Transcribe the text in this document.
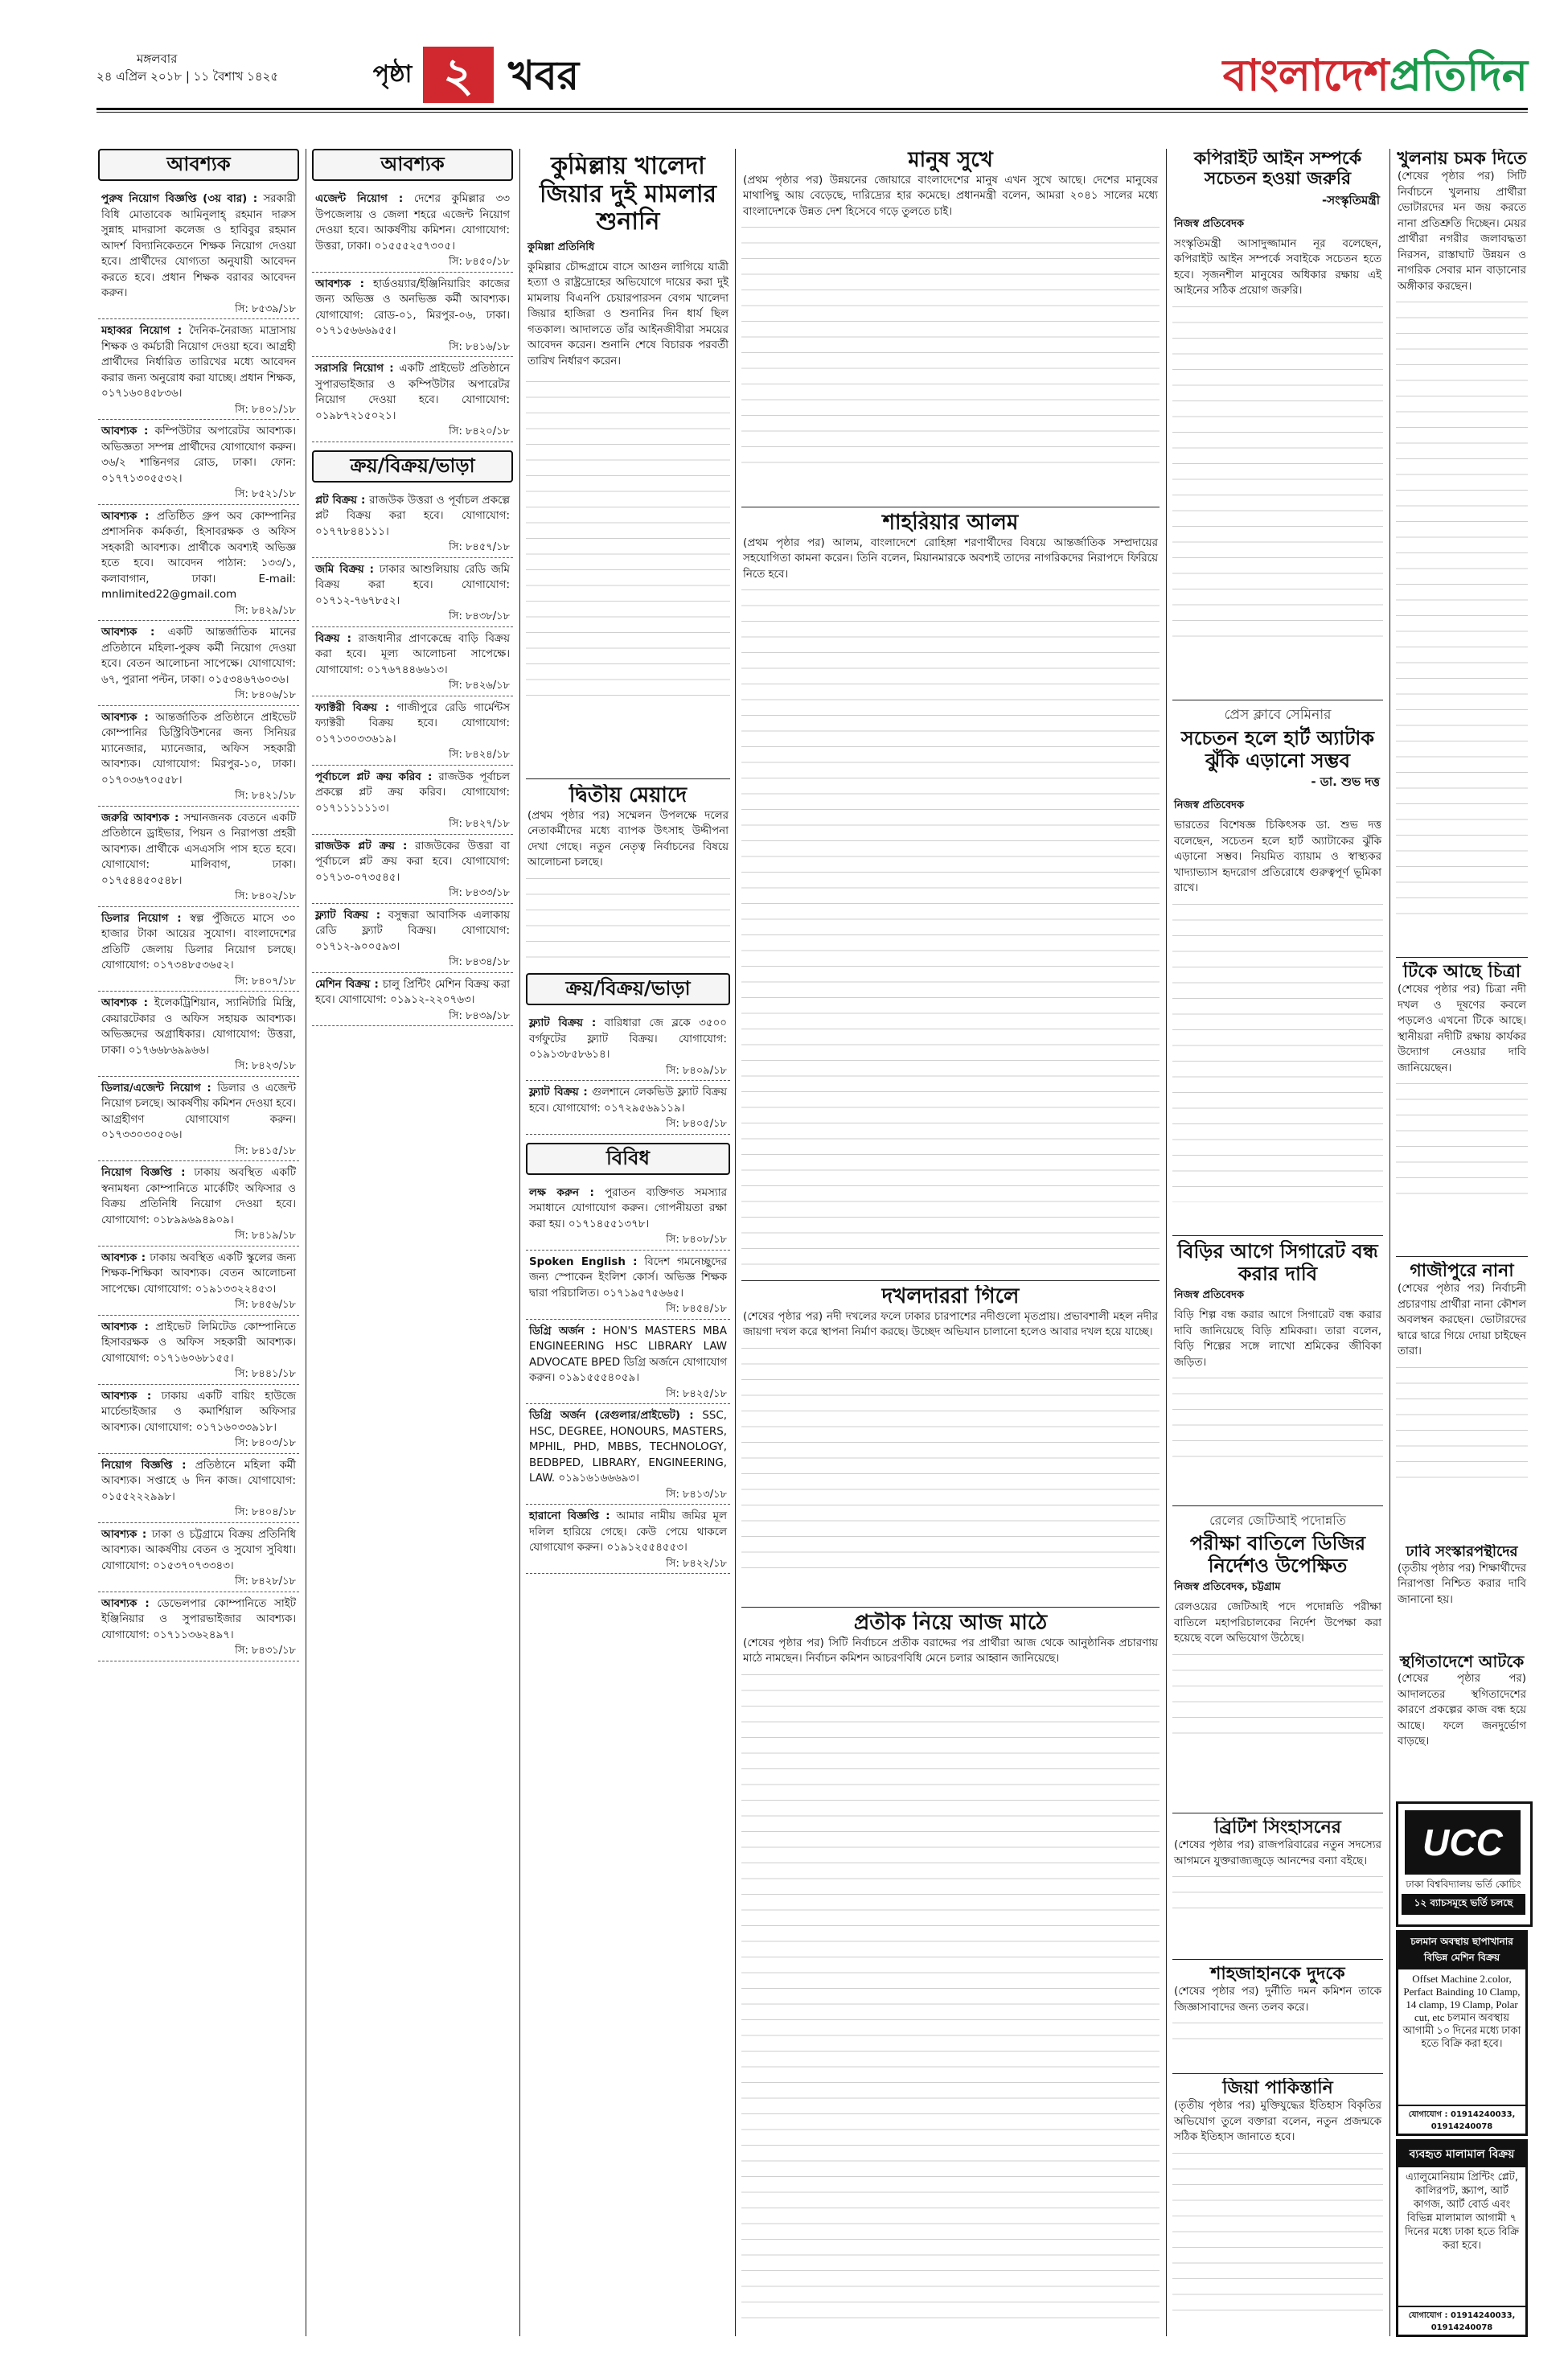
মঙ্গলবার
২৪ এপ্রিল ২০১৮ | ১১ বৈশাখ ১৪২৫	পৃষ্ঠা ২ খবর	বাংলাদেশপ্রতিদিন
আবশ্যক
পুরুষ নিয়োগ বিজ্ঞপ্তি (৩য় বার) : সরকারী বিধি মোতাবেক আমিনুলাহ্ রহমান দারুস সুন্নাহ মাদরাসা কলেজ ও হাবিবুর রহমান আদর্শ বিদ্যানিকেতনে শিক্ষক নিয়োগ দেওয়া হবে। প্রার্থীদের যোগ্যতা অনুযায়ী আবেদন করতে হবে। প্রধান শিক্ষক বরাবর আবেদন করুন।
সি: ৮৫৩৯/১৮
মহাব্বর নিয়োগ : দৈনিক-নৈরাজ্য মাদ্রাসায় শিক্ষক ও কর্মচারী নিয়োগ দেওয়া হবে। আগ্রহী প্রার্থীদের নির্ধারিত তারিখের মধ্যে আবেদন করার জন্য অনুরোধ করা যাচ্ছে। প্রধান শিক্ষক, ০১৭১৬০৪৫৮৩৬।
সি: ৮৪০১/১৮
আবশ্যক : কম্পিউটার অপারেটর আবশ্যক। অভিজ্ঞতা সম্পন্ন প্রার্থীদের যোগাযোগ করুন। ৩৬/২ শান্তিনগর রোড, ঢাকা। ফোন: ০১৭৭১৩০৫৫৩২।
সি: ৮৫২১/১৮
আবশ্যক : প্রতিষ্ঠিত গ্রুপ অব কোম্পানির প্রশাসনিক কর্মকর্তা, হিসাবরক্ষক ও অফিস সহকারী আবশ্যক। প্রার্থীকে অবশ্যই অভিজ্ঞ হতে হবে। আবেদন পাঠান: ১৩৩/১, কলাবাগান, ঢাকা। E-mail: mnlimited22@gmail.com
সি: ৮৪২৯/১৮
আবশ্যক : একটি আন্তর্জাতিক মানের প্রতিষ্ঠানে মহিলা-পুরুষ কর্মী নিয়োগ দেওয়া হবে। বেতন আলোচনা সাপেক্ষে। যোগাযোগ: ৬৭, পুরানা পল্টন, ঢাকা। ০১৫৩৪৬৭৬০৩৬।
সি: ৮৪০৬/১৮
আবশ্যক : আন্তর্জাতিক প্রতিষ্ঠানে প্রাইভেট কোম্পানির ডিস্ট্রিবিউশনের জন্য সিনিয়র ম্যানেজার, ম্যানেজার, অফিস সহকারী আবশ্যক। যোগাযোগ: মিরপুর-১০, ঢাকা। ০১৭০৩৬৭০৫৫৮।
সি: ৮৪২১/১৮
জরুরি আবশ্যক : সম্মানজনক বেতনে একটি প্রতিষ্ঠানে ড্রাইভার, পিয়ন ও নিরাপত্তা প্রহরী আবশ্যক। প্রার্থীকে এসএসসি পাস হতে হবে। যোগাযোগ: মালিবাগ, ঢাকা। ০১৭৫৪৪৫০৫৪৮।
সি: ৮৪০২/১৮
ডিলার নিয়োগ : স্বল্প পুঁজিতে মাসে ৩০ হাজার টাকা আয়ের সুযোগ। বাংলাদেশের প্রতিটি জেলায় ডিলার নিয়োগ চলছে। যোগাযোগ: ০১৭৩৪৮৫৩৬৫২।
সি: ৮৪০৭/১৮
আবশ্যক : ইলেকট্রিশিয়ান, স্যানিটারি মিস্ত্রি, কেয়ারটেকার ও অফিস সহায়ক আবশ্যক। অভিজ্ঞদের অগ্রাধিকার। যোগাযোগ: উত্তরা, ঢাকা। ০১৭৬৬৮৬৯৯৬৬।
সি: ৮৪২৩/১৮
ডিলার/এজেন্ট নিয়োগ : ডিলার ও এজেন্ট নিয়োগ চলছে। আকর্ষণীয় কমিশন দেওয়া হবে। আগ্রহীগণ যোগাযোগ করুন। ০১৭৩৩০৩০৫০৬।
সি: ৮৪১৫/১৮
নিয়োগ বিজ্ঞপ্তি : ঢাকায় অবস্থিত একটি স্বনামধন্য কোম্পানিতে মার্কেটিং অফিসার ও বিক্রয় প্রতিনিধি নিয়োগ দেওয়া হবে। যোগাযোগ: ০১৮৯৯৬৯৪৯০৯।
সি: ৮৪১৯/১৮
আবশ্যক : ঢাকায় অবস্থিত একটি স্কুলের জন্য শিক্ষক-শিক্ষিকা আবশ্যক। বেতন আলোচনা সাপেক্ষে। যোগাযোগ: ০১৯১৩৩২২৪৫৩।
সি: ৮৪৫৬/১৮
আবশ্যক : প্রাইভেট লিমিটেড কোম্পানিতে হিসাবরক্ষক ও অফিস সহকারী আবশ্যক। যোগাযোগ: ০১৭১৬০৬৮১৫৫।
সি: ৮৪৪১/১৮
আবশ্যক : ঢাকায় একটি বায়িং হাউজে মার্চেন্ডাইজার ও কমার্শিয়াল অফিসার আবশ্যক। যোগাযোগ: ০১৭১৬০৩৩৯১৮।
সি: ৮৪০৩/১৮
নিয়োগ বিজ্ঞপ্তি : প্রতিষ্ঠানে মহিলা কর্মী আবশ্যক। সপ্তাহে ৬ দিন কাজ। যোগাযোগ: ০১৫৫২২২৯৯৮।
সি: ৮৪০৪/১৮
আবশ্যক : ঢাকা ও চট্টগ্রামে বিক্রয় প্রতিনিধি আবশ্যক। আকর্ষণীয় বেতন ও সুযোগ সুবিধা। যোগাযোগ: ০১৫৩৭০৭৩৩৪৩।
সি: ৮৪২৮/১৮
আবশ্যক : ডেভেলপার কোম্পানিতে সাইট ইঞ্জিনিয়ার ও সুপারভাইজার আবশ্যক। যোগাযোগ: ০১৭১১৩৬২৪৯৭।
সি: ৮৪৩১/১৮
আবশ্যক
এজেন্ট নিয়োগ : দেশের কুমিল্লার ৩৩ উপজেলায় ও জেলা শহরে এজেন্ট নিয়োগ দেওয়া হবে। আকর্ষণীয় কমিশন। যোগাযোগ: উত্তরা, ঢাকা। ০১৫৫৫২৫৭৩০৫।
সি: ৮৪৫০/১৮
আবশ্যক : হার্ডওয়্যার/ইঞ্জিনিয়ারিং কাজের জন্য অভিজ্ঞ ও অনভিজ্ঞ কর্মী আবশ্যক। যোগাযোগ: রোড-০১, মিরপুর-০৬, ঢাকা। ০১৭১৫৬৬৬৯৫৫।
সি: ৮৪১৬/১৮
সরাসরি নিয়োগ : একটি প্রাইভেট প্রতিষ্ঠানে সুপারভাইজার ও কম্পিউটার অপারেটর নিয়োগ দেওয়া হবে। যোগাযোগ: ০১৯৮৭২১৫০২১।
সি: ৮৪২০/১৮
ক্রয়/বিক্রয়/ভাড়া
প্লট বিক্রয় : রাজউক উত্তরা ও পূর্বাচল প্রকল্পে প্লট বিক্রয় করা হবে। যোগাযোগ: ০১৭৭৮৪৪১১১।
সি: ৮৪৫৭/১৮
জমি বিক্রয় : ঢাকার আশুলিয়ায় রেডি জমি বিক্রয় করা হবে। যোগাযোগ: ০১৭১২-৭৬৭৮৫২।
সি: ৮৪৩৮/১৮
বিক্রয় : রাজধানীর প্রাণকেন্দ্রে বাড়ি বিক্রয় করা হবে। মূল্য আলোচনা সাপেক্ষে। যোগাযোগ: ০১৭৬৭৪৪৬৬১৩।
সি: ৮৪২৬/১৮
ফ্যাক্টরী বিক্রয় : গাজীপুরে রেডি গার্মেন্টস ফ্যাক্টরী বিক্রয় হবে। যোগাযোগ: ০১৭১৩০৩৩৬১৯।
সি: ৮৪২৪/১৮
পূর্বাচলে প্লট ক্রয় করিব : রাজউক পূর্বাচল প্রকল্পে প্লট ক্রয় করিব। যোগাযোগ: ০১৭১১১১১১৩।
সি: ৮৪২৭/১৮
রাজউক প্লট ক্রয় : রাজউকের উত্তরা বা পূর্বাচলে প্লট ক্রয় করা হবে। যোগাযোগ: ০১৭১৩-০৭৩৫৪৫।
সি: ৮৪৩৩/১৮
ফ্ল্যাট বিক্রয় : বসুন্ধরা আবাসিক এলাকায় রেডি ফ্ল্যাট বিক্রয়। যোগাযোগ: ০১৭১২-৯০০৫৯৩।
সি: ৮৪৩৪/১৮
মেশিন বিক্রয় : চালু প্রিন্টিং মেশিন বিক্রয় করা হবে। যোগাযোগ: ০১৯১২-২২০৭৬৩।
সি: ৮৪৩৯/১৮
কুমিল্লায় খালেদা জিয়ার দুই মামলার শুনানি
কুমিল্লা প্রতিনিধি
কুমিল্লার চৌদ্দগ্রামে বাসে আগুন লাগিয়ে যাত্রী হত্যা ও রাষ্ট্রদ্রোহের অভিযোগে দায়ের করা দুই মামলায় বিএনপি চেয়ারপারসন বেগম খালেদা জিয়ার হাজিরা ও শুনানির দিন ধার্য ছিল গতকাল। আদালতে তাঁর আইনজীবীরা সময়ের আবেদন করেন। শুনানি শেষে বিচারক পরবর্তী তারিখ নির্ধারণ করেন।
দ্বিতীয় মেয়াদে
(প্রথম পৃষ্ঠার পর) সম্মেলন উপলক্ষে দলের নেতাকর্মীদের মধ্যে ব্যাপক উৎসাহ উদ্দীপনা দেখা গেছে। নতুন নেতৃত্ব নির্বাচনের বিষয়ে আলোচনা চলছে।
ক্রয়/বিক্রয়/ভাড়া
ফ্ল্যাট বিক্রয় : বারিধারা জে ব্লকে ৩৫০০ বর্গফুটের ফ্ল্যাট বিক্রয়। যোগাযোগ: ০১৯১৩৮৫৮৬১৪।
সি: ৮৪০৯/১৮
ফ্ল্যাট বিক্রয় : গুলশানে লেকভিউ ফ্ল্যাট বিক্রয় হবে। যোগাযোগ: ০১৭২৯৫৬৯১১৯।
সি: ৮৪০৫/১৮
বিবিধ
লক্ষ করুন : পুরাতন ব্যক্তিগত সমস্যার সমাধানে যোগাযোগ করুন। গোপনীয়তা রক্ষা করা হয়। ০১৭১৪৫৫১৩৭৮।
সি: ৮৪০৮/১৮
Spoken English : বিদেশ গমনেচ্ছুদের জন্য স্পোকেন ইংলিশ কোর্স। অভিজ্ঞ শিক্ষক দ্বারা পরিচালিত। ০১৭১৯৫৭৫৬৬৫।
সি: ৮৪৫৪/১৮
ডিগ্রি অর্জন : HON'S MASTERS MBA ENGINEERING HSC LIBRARY LAW ADVOCATE BPED ডিগ্রি অর্জনে যোগাযোগ করুন। ০১৯১৫৫৫৪০৫৯।
সি: ৮৪২৫/১৮
ডিগ্রি অর্জন (রেগুলার/প্রাইভেট) : SSC, HSC, DEGREE, HONOURS, MASTERS, MPHIL, PHD, MBBS, TECHNOLOGY, BEDBPED, LIBRARY, ENGINEERING, LAW. ০১৯১৬১৬৬৬৯৩।
সি: ৮৪১৩/১৮
হারানো বিজ্ঞপ্তি : আমার নামীয় জমির মূল দলিল হারিয়ে গেছে। কেউ পেয়ে থাকলে যোগাযোগ করুন। ০১৯১২৫৫৪৫৫৩।
সি: ৮৪২২/১৮
মানুষ সুখে
(প্রথম পৃষ্ঠার পর) উন্নয়নের জোয়ারে বাংলাদেশের মানুষ এখন সুখে আছে। দেশের মানুষের মাথাপিছু আয় বেড়েছে, দারিদ্র্যের হার কমেছে। প্রধানমন্ত্রী বলেন, আমরা ২০৪১ সালের মধ্যে বাংলাদেশকে উন্নত দেশ হিসেবে গড়ে তুলতে চাই।
শাহরিয়ার আলম
(প্রথম পৃষ্ঠার পর) আলম, বাংলাদেশে রোহিঙ্গা শরণার্থীদের বিষয়ে আন্তর্জাতিক সম্প্রদায়ের সহযোগিতা কামনা করেন। তিনি বলেন, মিয়ানমারকে অবশ্যই তাদের নাগরিকদের নিরাপদে ফিরিয়ে নিতে হবে।
দখলদাররা গিলে
(শেষের পৃষ্ঠার পর) নদী দখলের ফলে ঢাকার চারপাশের নদীগুলো মৃতপ্রায়। প্রভাবশালী মহল নদীর জায়গা দখল করে স্থাপনা নির্মাণ করছে। উচ্ছেদ অভিযান চালানো হলেও আবার দখল হয়ে যাচ্ছে।
প্রতীক নিয়ে আজ মাঠে
(শেষের পৃষ্ঠার পর) সিটি নির্বাচনে প্রতীক বরাদ্দের পর প্রার্থীরা আজ থেকে আনুষ্ঠানিক প্রচারণায় মাঠে নামছেন। নির্বাচন কমিশন আচরণবিধি মেনে চলার আহ্বান জানিয়েছে।
কপিরাইট আইন সম্পর্কে সচেতন হওয়া জরুরি
-সংস্কৃতিমন্ত্রী
নিজস্ব প্রতিবেদক
সংস্কৃতিমন্ত্রী আসাদুজ্জামান নূর বলেছেন, কপিরাইট আইন সম্পর্কে সবাইকে সচেতন হতে হবে। সৃজনশীল মানুষের অধিকার রক্ষায় এই আইনের সঠিক প্রয়োগ জরুরি।
প্রেস ক্লাবে সেমিনার
সচেতন হলে হার্ট অ্যাটাক ঝুঁকি এড়ানো সম্ভব
- ডা. শুভ দত্ত
নিজস্ব প্রতিবেদক
ভারতের বিশেষজ্ঞ চিকিৎসক ডা. শুভ দত্ত বলেছেন, সচেতন হলে হার্ট অ্যাটাকের ঝুঁকি এড়ানো সম্ভব। নিয়মিত ব্যায়াম ও স্বাস্থ্যকর খাদ্যাভ্যাস হৃদরোগ প্রতিরোধে গুরুত্বপূর্ণ ভূমিকা রাখে।
বিড়ির আগে সিগারেট বন্ধ করার দাবি
নিজস্ব প্রতিবেদক
বিড়ি শিল্প বন্ধ করার আগে সিগারেট বন্ধ করার দাবি জানিয়েছে বিড়ি শ্রমিকরা। তারা বলেন, বিড়ি শিল্পের সঙ্গে লাখো শ্রমিকের জীবিকা জড়িত।
রেলের জেটিআই পদোন্নতি
পরীক্ষা বাতিলে ডিজির নির্দেশও উপেক্ষিত
নিজস্ব প্রতিবেদক, চট্টগ্রাম
রেলওয়ের জেটিআই পদে পদোন্নতি পরীক্ষা বাতিলে মহাপরিচালকের নির্দেশ উপেক্ষা করা হয়েছে বলে অভিযোগ উঠেছে।
ব্রিটিশ সিংহাসনের
(শেষের পৃষ্ঠার পর) রাজপরিবারের নতুন সদস্যের আগমনে যুক্তরাজ্যজুড়ে আনন্দের বন্যা বইছে।
শাহজাহানকে দুদকে
(শেষের পৃষ্ঠার পর) দুর্নীতি দমন কমিশন তাকে জিজ্ঞাসাবাদের জন্য তলব করে।
জিয়া পাকিস্তানি
(তৃতীয় পৃষ্ঠার পর) মুক্তিযুদ্ধের ইতিহাস বিকৃতির অভিযোগ তুলে বক্তারা বলেন, নতুন প্রজন্মকে সঠিক ইতিহাস জানাতে হবে।
খুলনায় চমক দিতে
(শেষের পৃষ্ঠার পর) সিটি নির্বাচনে খুলনায় প্রার্থীরা ভোটারদের মন জয় করতে নানা প্রতিশ্রুতি দিচ্ছেন। মেয়র প্রার্থীরা নগরীর জলাবদ্ধতা নিরসন, রাস্তাঘাট উন্নয়ন ও নাগরিক সেবার মান বাড়ানোর অঙ্গীকার করছেন।
টিকে আছে চিত্রা
(শেষের পৃষ্ঠার পর) চিত্রা নদী দখল ও দূষণের কবলে পড়লেও এখনো টিকে আছে। স্থানীয়রা নদীটি রক্ষায় কার্যকর উদ্যোগ নেওয়ার দাবি জানিয়েছেন।
গাজীপুরে নানা
(শেষের পৃষ্ঠার পর) নির্বাচনী প্রচারণায় প্রার্থীরা নানা কৌশল অবলম্বন করছেন। ভোটারদের দ্বারে দ্বারে গিয়ে দোয়া চাইছেন তারা।
ঢাবি সংস্কারপন্থীদের
(তৃতীয় পৃষ্ঠার পর) শিক্ষার্থীদের নিরাপত্তা নিশ্চিত করার দাবি জানানো হয়।
স্থগিতাদেশে আটকে
(শেষের পৃষ্ঠার পর) আদালতের স্থগিতাদেশের কারণে প্রকল্পের কাজ বন্ধ হয়ে আছে। ফলে জনদুর্ভোগ বাড়ছে।
UCC
ঢাকা বিশ্ববিদ্যালয় ভর্তি কোচিং
১২ ব্যাচসমূহে ভর্তি চলছে
চলমান অবস্থায় ছাপাখানার বিভিন্ন মেশিন বিক্রয়
Offset Machine 2.color, Perfact Bainding 10 Clamp, 14 clamp, 19 Clamp, Polar cut, etc চলমান অবস্থায় আগামী ১০ দিনের মধ্যে ঢাকা হতে বিক্রি করা হবে।
যোগাযোগ : 01914240033, 01914240078
ব্যবহৃত মালামাল বিক্রয়
এ্যালুমোনিয়াম প্রিন্টিং প্লেট, কালিরপট, স্ক্র্যাপ, আর্ট কাগজ, আর্ট বোর্ড এবং বিভিন্ন মালামাল আগামী ৭ দিনের মধ্যে ঢাকা হতে বিক্রি করা হবে।
যোগাযোগ : 01914240033, 01914240078
